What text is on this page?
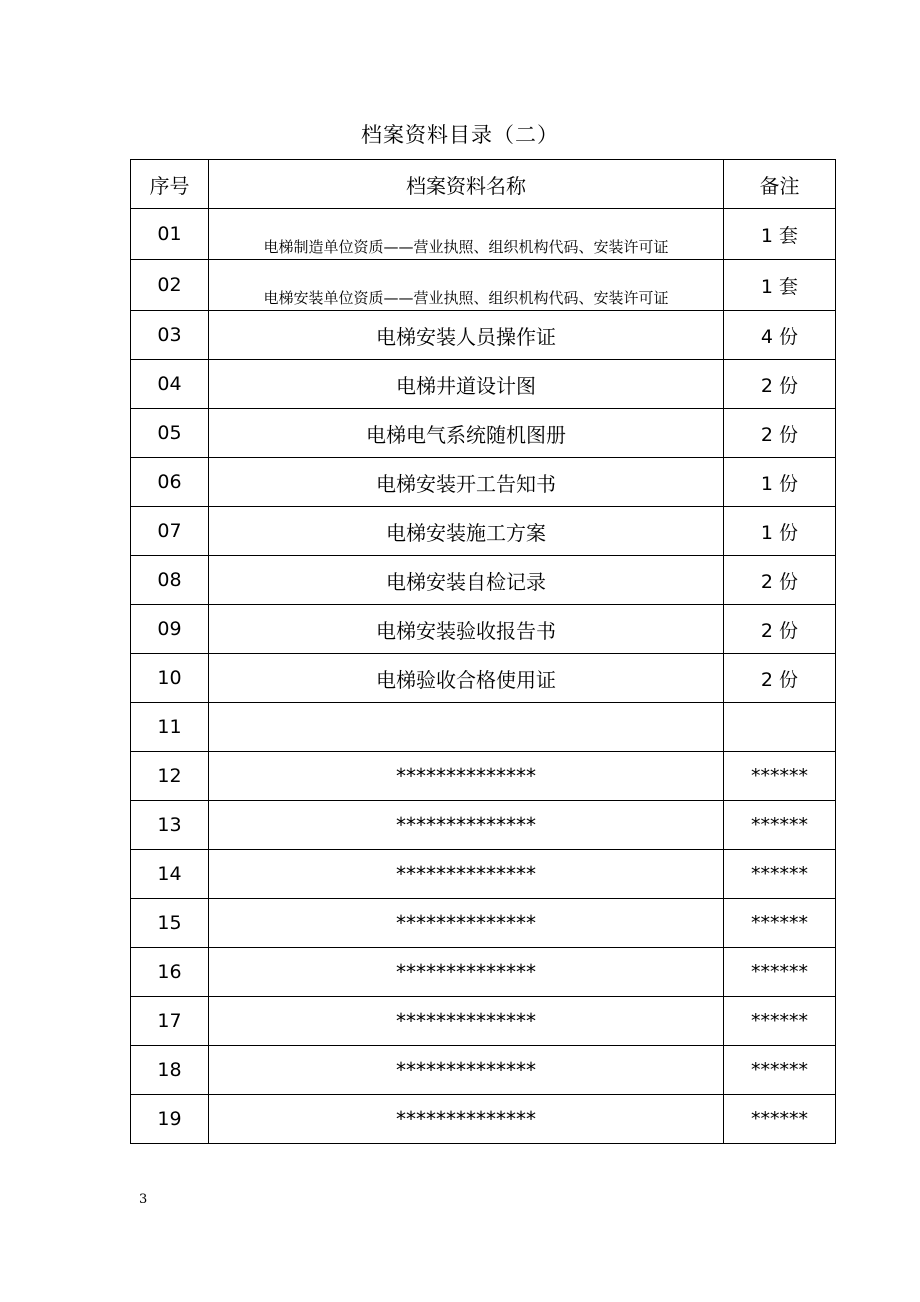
档案资料目录（二）
序号	档案资料名称	备注
01	电梯制造单位资质——营业执照、组织机构代码、安装许可证	1 套
02	电梯安装单位资质——营业执照、组织机构代码、安装许可证	1 套
03	电梯安装人员操作证	4 份
04	电梯井道设计图	2 份
05	电梯电气系统随机图册	2 份
06	电梯安装开工告知书	1 份
07	电梯安装施工方案	1 份
08	电梯安装自检记录	2 份
09	电梯安装验收报告书	2 份
10	电梯验收合格使用证	2 份
11		
12	**************	******
13	**************	******
14	**************	******
15	**************	******
16	**************	******
17	**************	******
18	**************	******
19	**************	******
3
